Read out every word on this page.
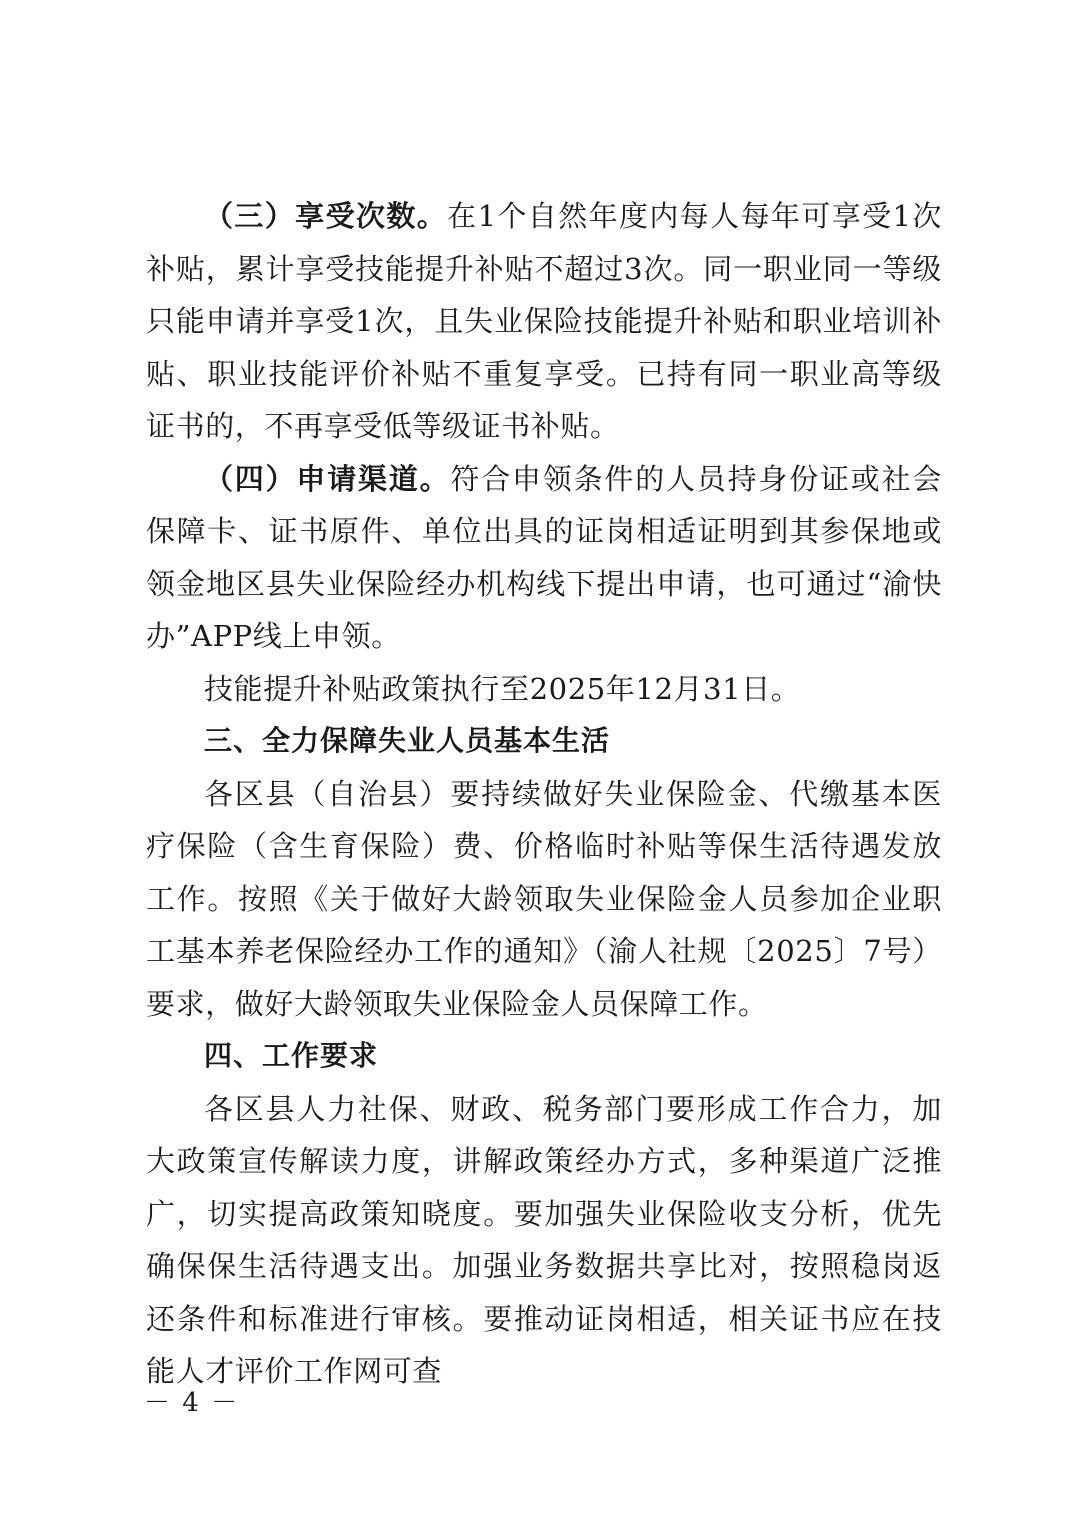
（三）享受次数。在1个自然年度内每人每年可享受1次补贴，累计享受技能提升补贴不超过3次。同一职业同一等级只能申请并享受1次，且失业保险技能提升补贴和职业培训补贴、职业技能评价补贴不重复享受。已持有同一职业高等级证书的，不再享受低等级证书补贴。

（四）申请渠道。符合申领条件的人员持身份证或社会保障卡、证书原件、单位出具的证岗相适证明到其参保地或领金地区县失业保险经办机构线下提出申请，也可通过“渝快办”APP线上申领。

技能提升补贴政策执行至2025年12月31日。

三、全力保障失业人员基本生活

各区县（自治县）要持续做好失业保险金、代缴基本医疗保险（含生育保险）费、价格临时补贴等保生活待遇发放工作。按照《关于做好大龄领取失业保险金人员参加企业职工基本养老保险经办工作的通知》（渝人社规〔2025〕7号）要求，做好大龄领取失业保险金人员保障工作。

四、工作要求

各区县人力社保、财政、税务部门要形成工作合力，加大政策宣传解读力度，讲解政策经办方式，多种渠道广泛推广，切实提高政策知晓度。要加强失业保险收支分析，优先确保保生活待遇支出。加强业务数据共享比对，按照稳岗返还条件和标准进行审核。要推动证岗相适，相关证书应在技能人才评价工作网可查

－ 4 －
